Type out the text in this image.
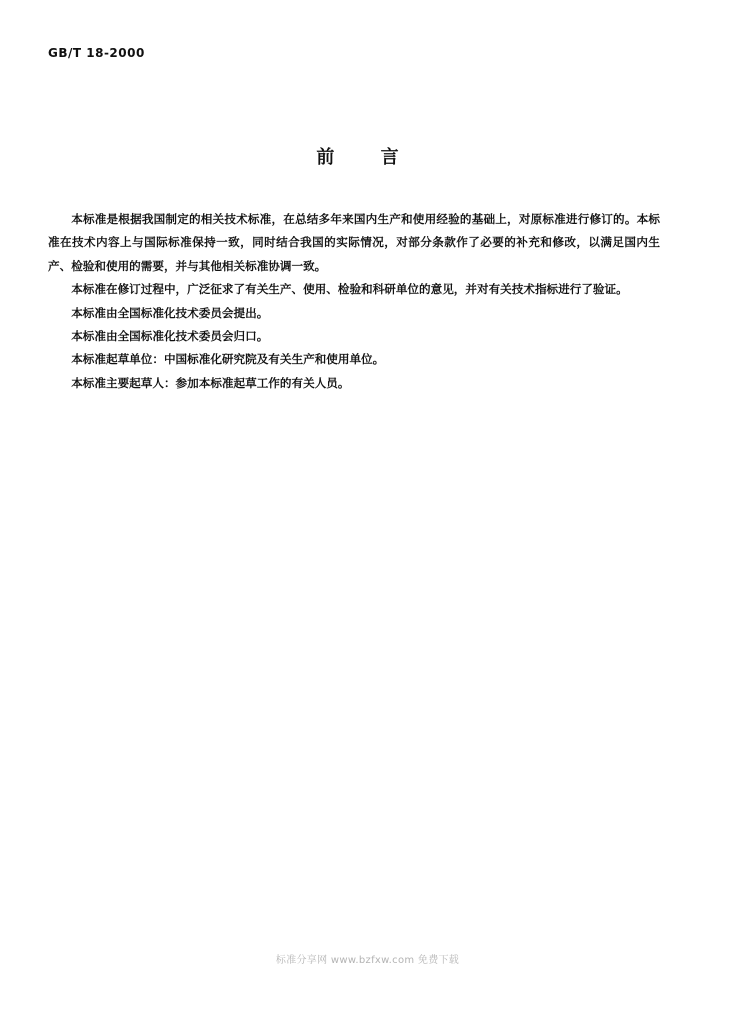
GB/T 18-2000
前 言

本标准是根据我国制定的相关技术标准，在总结多年来国内生产和使用经验的基础上，对原标准进行修订的。本标准在技术内容上与国际标准保持一致，同时结合我国的实际情况，对部分条款作了必要的补充和修改，以满足国内生产、检验和使用的需要，并与其他相关标准协调一致。

本标准在修订过程中，广泛征求了有关生产、使用、检验和科研单位的意见，并对有关技术指标进行了验证。

本标准由全国标准化技术委员会提出。

本标准由全国标准化技术委员会归口。

本标准起草单位：中国标准化研究院及有关生产和使用单位。

本标准主要起草人：参加本标准起草工作的有关人员。

标准分享网 www.bzfxw.com 免费下载
